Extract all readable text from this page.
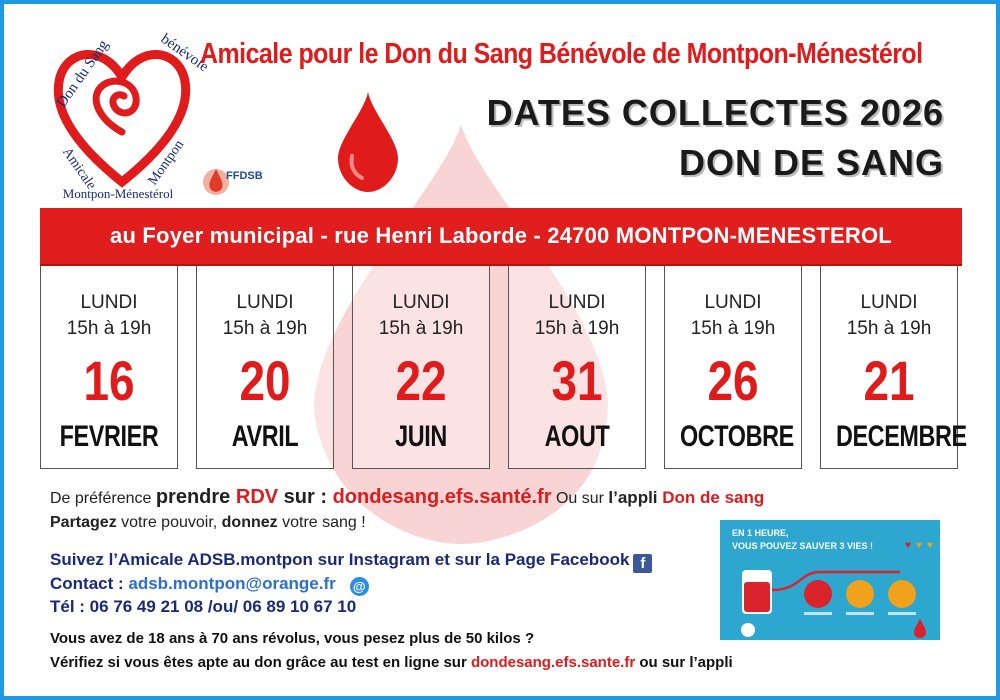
Don du Sang	bénévole
Amicale	Montpon
Montpon-Ménestérol
FFDSB
Amicale pour le Don du Sang Bénévole de Montpon-Ménestérol
DATES COLLECTES 2026
DON DE SANG
au Foyer municipal - rue Henri Laborde - 24700 MONTPON-MENESTEROL
LUNDI
15h à 19h
16
FEVRIER
LUNDI
15h à 19h
20
AVRIL
LUNDI
15h à 19h
22
JUIN
LUNDI
15h à 19h
31
AOUT
LUNDI
15h à 19h
26
OCTOBRE
LUNDI
15h à 19h
21
DECEMBRE
De préférence prendre RDV sur : dondesang.efs.santé.fr Ou sur l’appli Don de sang
Partagez votre pouvoir, donnez votre sang !
Suivez l’Amicale ADSB.montpon sur Instagram et sur la Page Facebook f
Contact : adsb.montpon@orange.fr @
Tél : 06 76 49 21 08 /ou/ 06 89 10 67 10
Vous avez de 18 ans à 70 ans révolus, vous pesez plus de 50 kilos ?
Vérifiez si vous êtes apte au don grâce au test en ligne sur dondesang.efs.sante.fr ou sur l’appli
♥ ♥ ♥
EN 1 HEURE,
VOUS POUVEZ SAUVER 3 VIES !
